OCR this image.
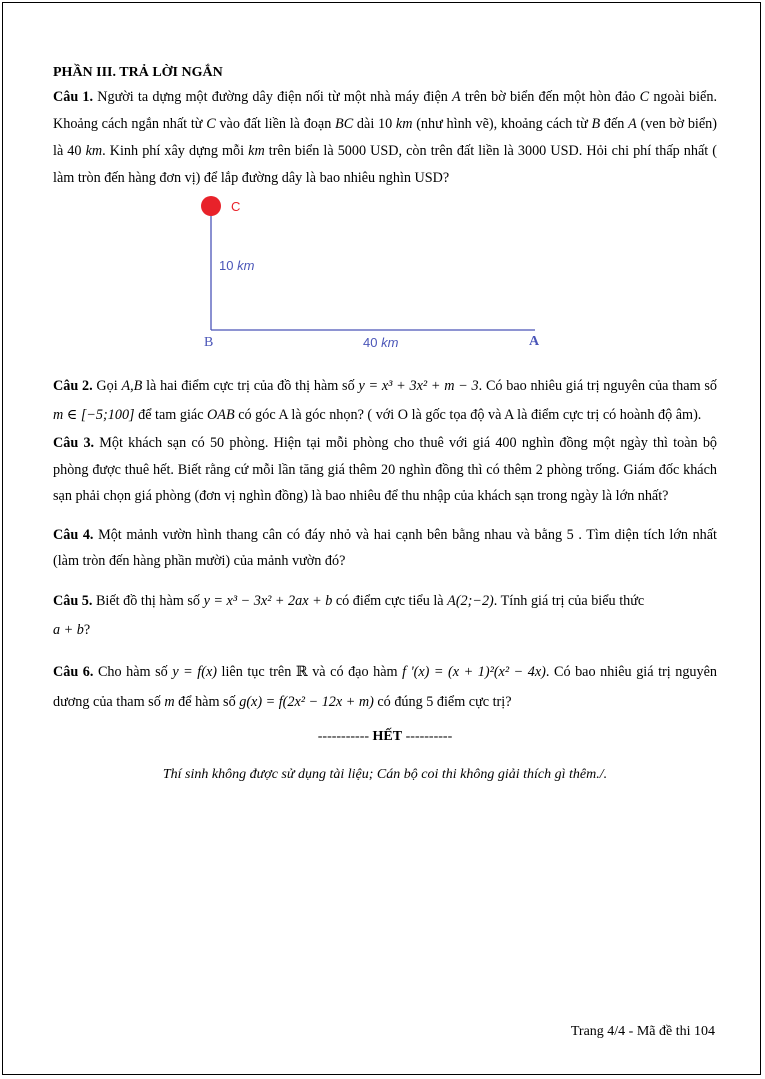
PHẦN III. TRẢ LỜI NGẮN

Câu 1. Người ta dựng một đường dây điện nối từ một nhà máy điện A trên bờ biển đến một hòn đảo C ngoài biển. Khoảng cách ngắn nhất từ C vào đất liền là đoạn BC dài 10 km (như hình vẽ), khoảng cách từ B đến A (ven bờ biển) là 40 km. Kinh phí xây dựng mỗi km trên biển là 5000 USD, còn trên đất liền là 3000 USD. Hỏi chi phí thấp nhất ( làm tròn đến hàng đơn vị) để lắp đường dây là bao nhiêu nghìn USD?

C
10 km
B	40 km	A

Câu 2. Gọi A,B là hai điểm cực trị của đồ thị hàm số y = x³ + 3x² + m − 3. Có bao nhiêu giá trị nguyên của tham số m ∈ [−5;100] để tam giác OAB có góc A là góc nhọn? ( với O là gốc tọa độ và A là điểm cực trị có hoành độ âm).

Câu 3. Một khách sạn có 50 phòng. Hiện tại mỗi phòng cho thuê với giá 400 nghìn đồng một ngày thì toàn bộ phòng được thuê hết. Biết rằng cứ mỗi lần tăng giá thêm 20 nghìn đồng thì có thêm 2 phòng trống. Giám đốc khách sạn phải chọn giá phòng (đơn vị nghìn đồng) là bao nhiêu để thu nhập của khách sạn trong ngày là lớn nhất?

Câu 4. Một mảnh vườn hình thang cân có đáy nhỏ và hai cạnh bên bằng nhau và bằng 5 . Tìm diện tích lớn nhất (làm tròn đến hàng phần mười) của mảnh vườn đó?

Câu 5. Biết đồ thị hàm số y = x³ − 3x² + 2ax + b có điểm cực tiểu là A(2;−2). Tính giá trị của biểu thức
a + b?

Câu 6. Cho hàm số y = f(x) liên tục trên ℝ và có đạo hàm f '(x) = (x + 1)²(x² − 4x). Có bao nhiêu giá trị nguyên dương của tham số m để hàm số g(x) = f(2x² − 12x + m) có đúng 5 điểm cực trị?

----------- HẾT ----------

Thí sinh không được sử dụng tài liệu; Cán bộ coi thi không giải thích gì thêm./.

Trang 4/4 - Mã đề thi 104
